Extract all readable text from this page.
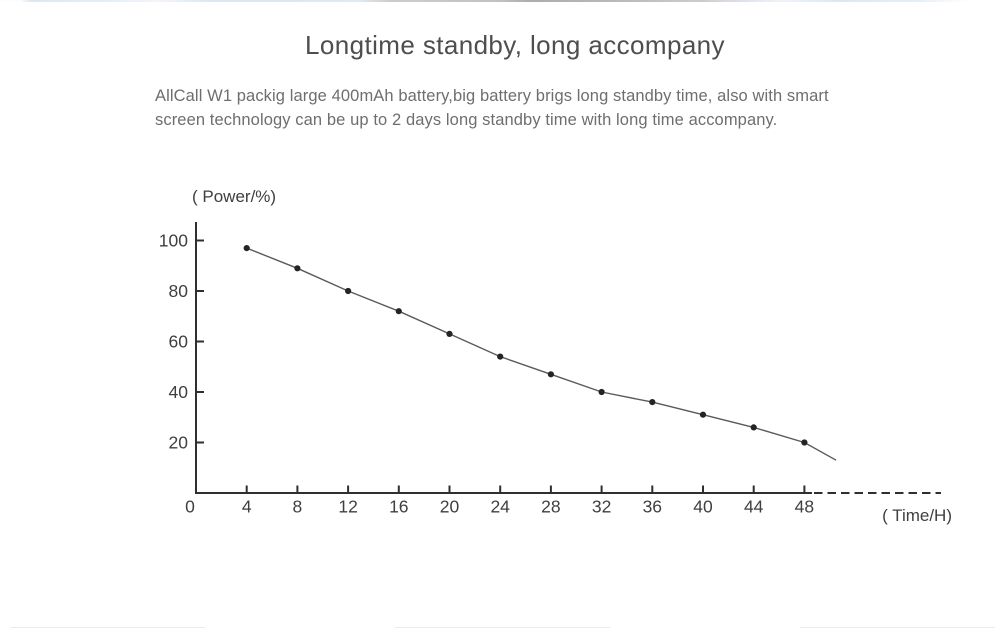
Longtime standby, long accompany

AllCall W1 packig large 400mAh battery,big battery brigs long standby time, also with smart
screen technology can be up to 2 days long standby time with long time accompany.

0	4 8 12 16 20 24 28 32 36 40 44 48
20
40
60
80
100
( Power/%)
( Time/H)
